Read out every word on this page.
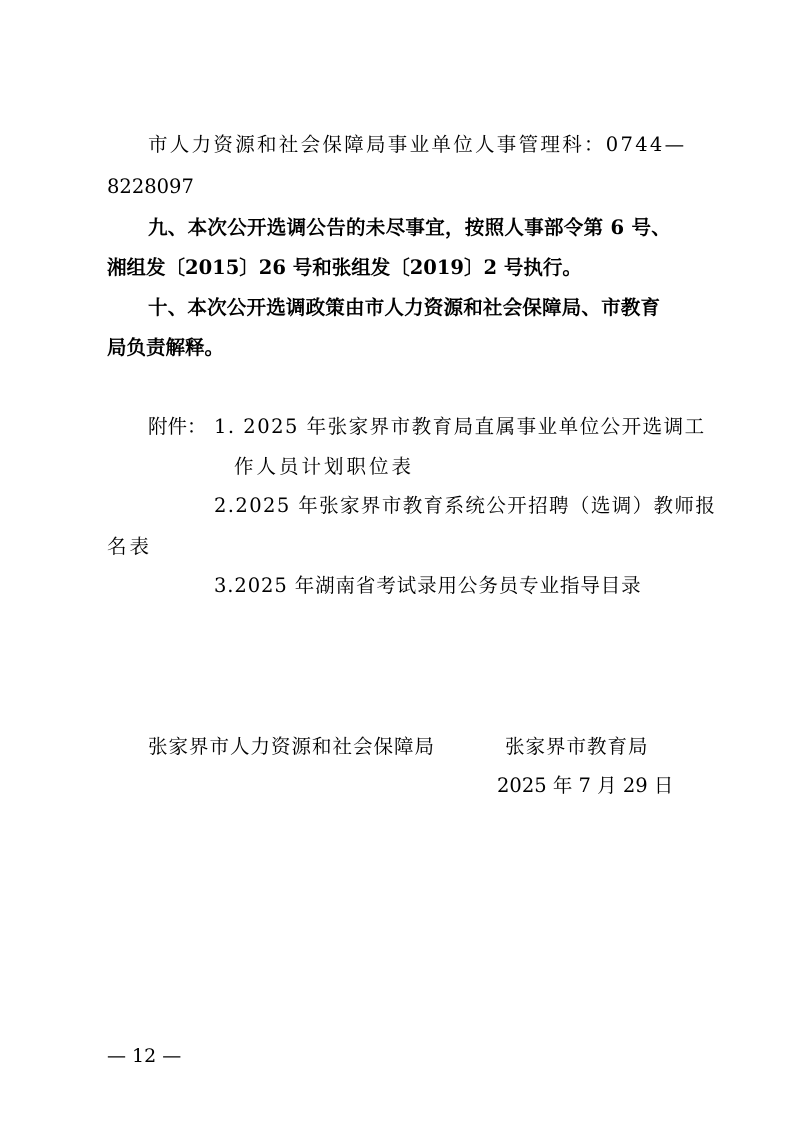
市人力资源和社会保障局事业单位人事管理科：0744—
8228097
九、本次公开选调公告的未尽事宜，按照人事部令第 6 号、
湘组发〔2015〕26 号和张组发〔2019〕2 号执行。
十、本次公开选调政策由市人力资源和社会保障局、市教育
局负责解释。
附件： 1. 2025 年张家界市教育局直属事业单位公开选调工
作人员计划职位表
2.2025 年张家界市教育系统公开招聘（选调）教师报
名表
3.2025 年湖南省考试录用公务员专业指导目录
张家界市人力资源和社会保障局	张家界市教育局
2025 年 7 月 29 日
— 12 —
